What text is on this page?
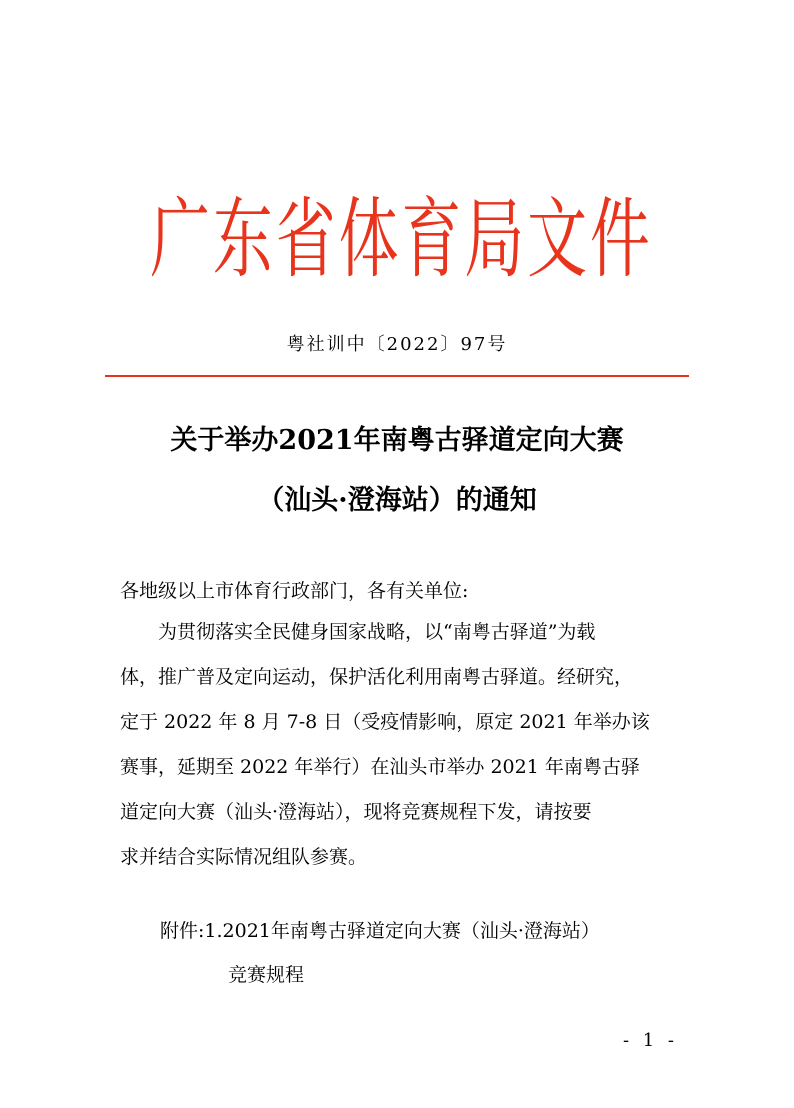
广 东 省 体 育 局 文 件
粤社训中〔2022〕97号
关于举办2021年南粤古驿道定向大赛
（汕头·澄海站）的通知
各地级以上市体育行政部门，各有关单位:
为贯彻落实全民健身国家战略，以“南粤古驿道”为载
体，推广普及定向运动，保护活化利用南粤古驿道。经研究，
定于 2022 年 8 月 7-8 日（受疫情影响，原定 2021 年举办该
赛事，延期至 2022 年举行）在汕头市举办 2021 年南粤古驿
道定向大赛（汕头·澄海站），现将竞赛规程下发，请按要
求并结合实际情况组队参赛。
附件:1.2021年南粤古驿道定向大赛（汕头·澄海站）
竞赛规程
- 1 -
